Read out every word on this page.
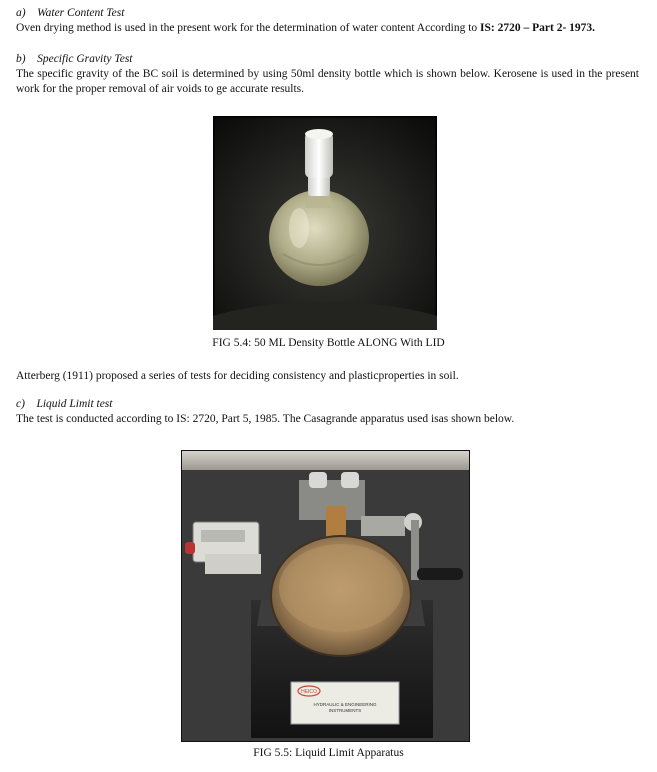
a) Water Content Test
Oven drying method is used in the present work for the determination of water content According to IS: 2720 – Part 2- 1973.
b) Specific Gravity Test
The specific gravity of the BC soil is determined by using 50ml density bottle which is shown below. Kerosene is used in the present work for the proper removal of air voids to ge accurate results.
FIG 5.4: 50 ML Density Bottle ALONG With LID
Atterberg (1911) proposed a series of tests for deciding consistency and plasticproperties in soil.
c) Liquid Limit test
The test is conducted according to IS: 2720, Part 5, 1985. The Casagrande apparatus used isas shown below.
HEICO
HYDRAULIC & ENGINEERING
INSTRUMENTS
FIG 5.5: Liquid Limit Apparatus
